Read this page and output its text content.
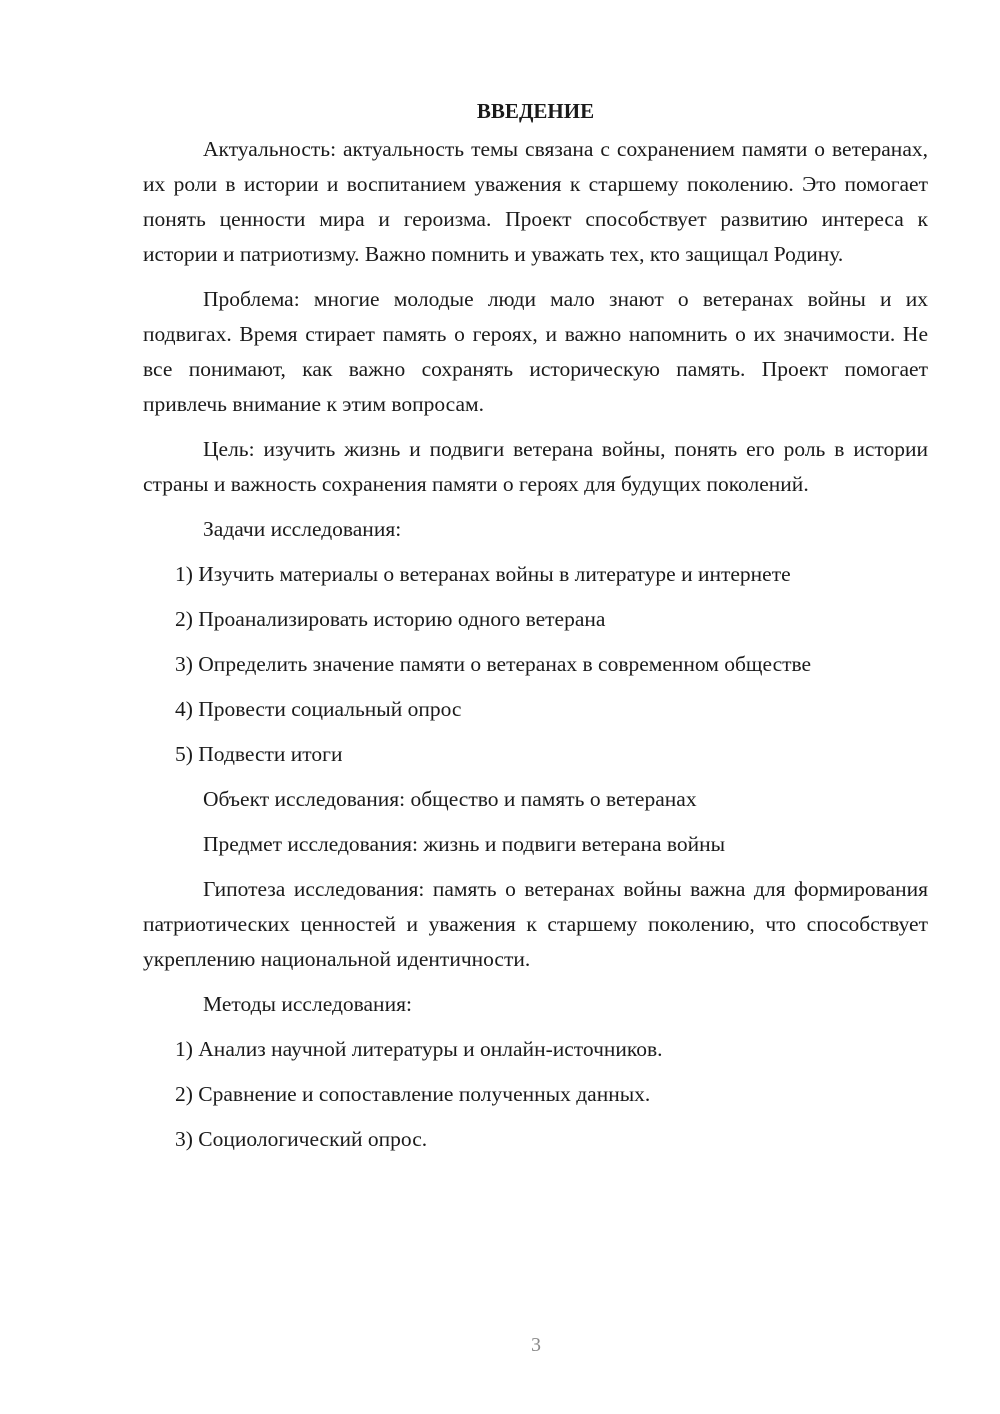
ВВЕДЕНИЕ

Актуальность: актуальность темы связана с сохранением памяти о ветеранах, их роли в истории и воспитанием уважения к старшему поколению. Это помогает понять ценности мира и героизма. Проект способствует развитию интереса к истории и патриотизму. Важно помнить и уважать тех, кто защищал Родину.

Проблема: многие молодые люди мало знают о ветеранах войны и их подвигах. Время стирает память о героях, и важно напомнить о их значимости. Не все понимают, как важно сохранять историческую память. Проект помогает привлечь внимание к этим вопросам.

Цель: изучить жизнь и подвиги ветерана войны, понять его роль в истории страны и важность сохранения памяти о героях для будущих поколений.

Задачи исследования:
1) Изучить материалы о ветеранах войны в литературе и интернете
2) Проанализировать историю одного ветерана
3) Определить значение памяти о ветеранах в современном обществе
4) Провести социальный опрос
5) Подвести итоги
Объект исследования: общество и память о ветеранах
Предмет исследования: жизнь и подвиги ветерана войны

Гипотеза исследования: память о ветеранах войны важна для формирования патриотических ценностей и уважения к старшему поколению, что способствует укреплению национальной идентичности.

Методы исследования:
1) Анализ научной литературы и онлайн-источников.
2) Сравнение и сопоставление полученных данных.
3) Социологический опрос.
3
